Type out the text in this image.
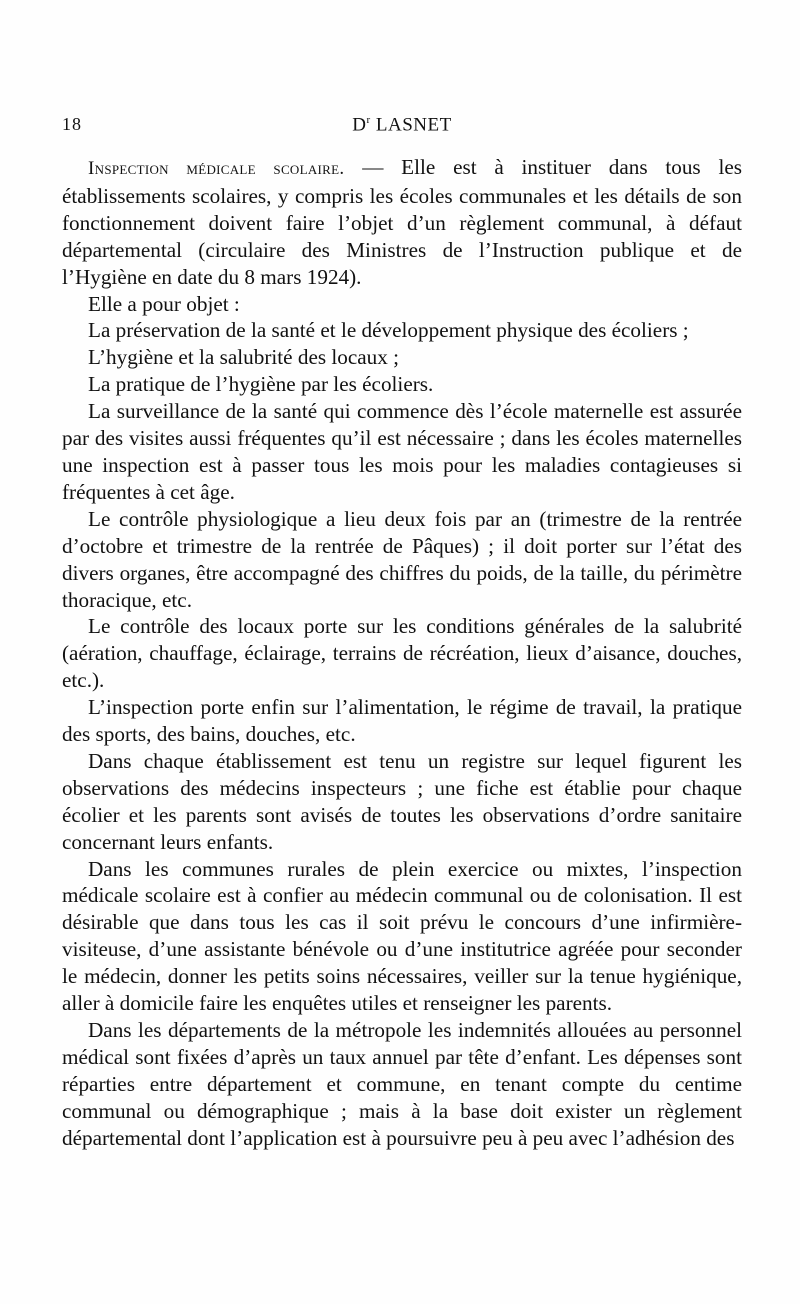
18	$D^r$ LASNET

Inspection médicale scolaire. — Elle est à instituer dans tous les établissements scolaires, y compris les écoles communales et les détails de son fonctionnement doivent faire l’objet d’un règlement communal, à défaut départemental (circulaire des Ministres de l’Instruction publique et de l’Hygiène en date du 8 mars 1924).

Elle a pour objet :

La préservation de la santé et le développement physique des écoliers ;

L’hygiène et la salubrité des locaux ;

La pratique de l’hygiène par les écoliers.

La surveillance de la santé qui commence dès l’école maternelle est assurée par des visites aussi fréquentes qu’il est nécessaire ; dans les écoles maternelles une inspection est à passer tous les mois pour les maladies contagieuses si fréquentes à cet âge.

Le contrôle physiologique a lieu deux fois par an (trimestre de la rentrée d’octobre et trimestre de la rentrée de Pâques) ; il doit porter sur l’état des divers organes, être accompagné des chiffres du poids, de la taille, du périmètre thoracique, etc.

Le contrôle des locaux porte sur les conditions générales de la salubrité (aération, chauffage, éclairage, terrains de récréation, lieux d’aisance, douches, etc.).

L’inspection porte enfin sur l’alimentation, le régime de travail, la pratique des sports, des bains, douches, etc.

Dans chaque établissement est tenu un registre sur lequel figurent les observations des médecins inspecteurs ; une fiche est établie pour chaque écolier et les parents sont avisés de toutes les observations d’ordre sanitaire concernant leurs enfants.

Dans les communes rurales de plein exercice ou mixtes, l’inspection médicale scolaire est à confier au médecin communal ou de colonisation. Il est désirable que dans tous les cas il soit prévu le concours d’une infirmière-visiteuse, d’une assistante bénévole ou d’une institutrice agréée pour seconder le médecin, donner les petits soins nécessaires, veiller sur la tenue hygiénique, aller à domicile faire les enquêtes utiles et renseigner les parents.

Dans les départements de la métropole les indemnités allouées au personnel médical sont fixées d’après un taux annuel par tête d’enfant. Les dépenses sont réparties entre département et commune, en tenant compte du centime communal ou démographique ; mais à la base doit exister un règlement départemental dont l’application est à poursuivre peu à peu avec l’adhésion des
